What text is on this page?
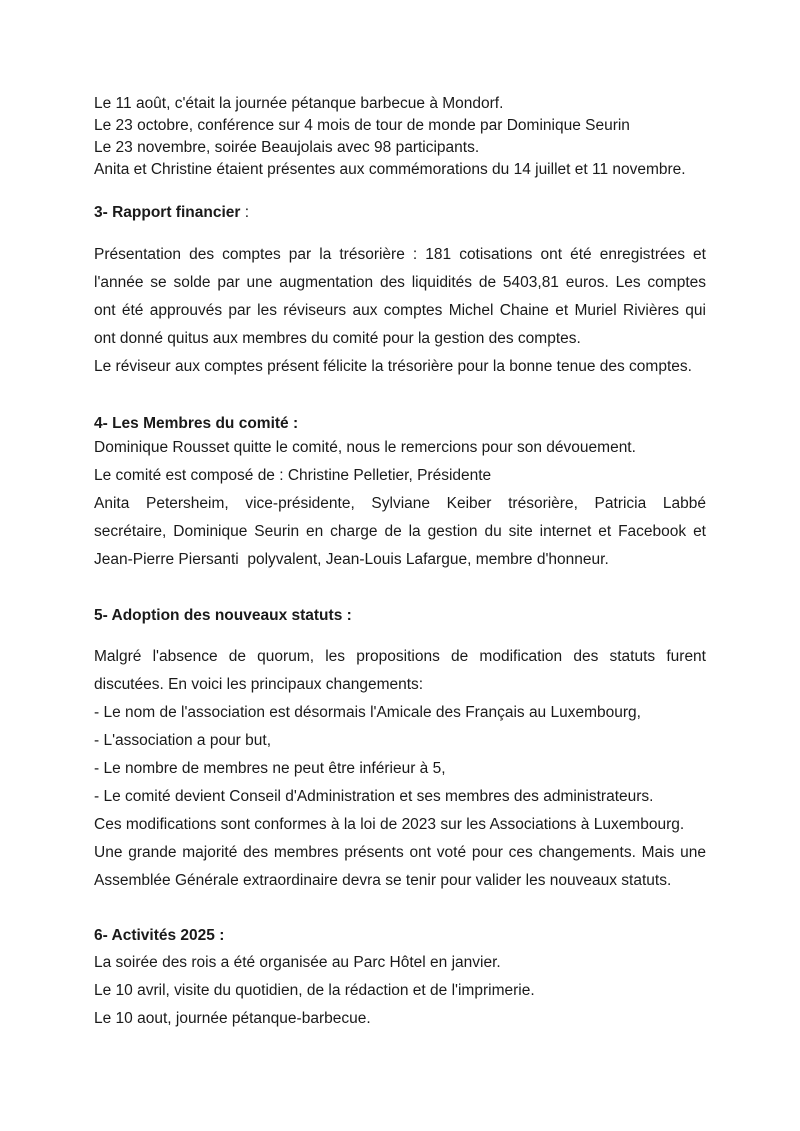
Le 11 août, c'était la journée pétanque barbecue à Mondorf.
Le 23 octobre, conférence sur 4 mois de tour de monde par Dominique Seurin
Le 23 novembre, soirée Beaujolais avec 98 participants.
Anita et Christine étaient présentes aux commémorations du 14 juillet et 11 novembre.
3- Rapport financier :
Présentation des comptes par la trésorière : 181 cotisations ont été enregistrées et
l'année se solde par une augmentation des liquidités de 5403,81 euros. Les comptes
ont été approuvés par les réviseurs aux comptes Michel Chaine et Muriel Rivières qui
ont donné quitus aux membres du comité pour la gestion des comptes.
Le réviseur aux comptes présent félicite la trésorière pour la bonne tenue des comptes.
4- Les Membres du comité :
Dominique Rousset quitte le comité, nous le remercions pour son dévouement.
Le comité est composé de : Christine Pelletier, Présidente
Anita Petersheim, vice-présidente, Sylviane Keiber trésorière, Patricia Labbé
secrétaire, Dominique Seurin en charge de la gestion du site internet et Facebook et
Jean-Pierre Piersanti  polyvalent, Jean-Louis Lafargue, membre d'honneur.
5- Adoption des nouveaux statuts :
Malgré l'absence de quorum, les propositions de modification des statuts furent
discutées. En voici les principaux changements:
- Le nom de l'association est désormais l'Amicale des Français au Luxembourg,
- L'association a pour but,
- Le nombre de membres ne peut être inférieur à 5,
- Le comité devient Conseil d'Administration et ses membres des administrateurs.
Ces modifications sont conformes à la loi de 2023 sur les Associations à Luxembourg.
Une grande majorité des membres présents ont voté pour ces changements. Mais une
Assemblée Générale extraordinaire devra se tenir pour valider les nouveaux statuts.
6- Activités 2025 :
La soirée des rois a été organisée au Parc Hôtel en janvier.
Le 10 avril, visite du quotidien, de la rédaction et de l'imprimerie.
Le 10 aout, journée pétanque-barbecue.
